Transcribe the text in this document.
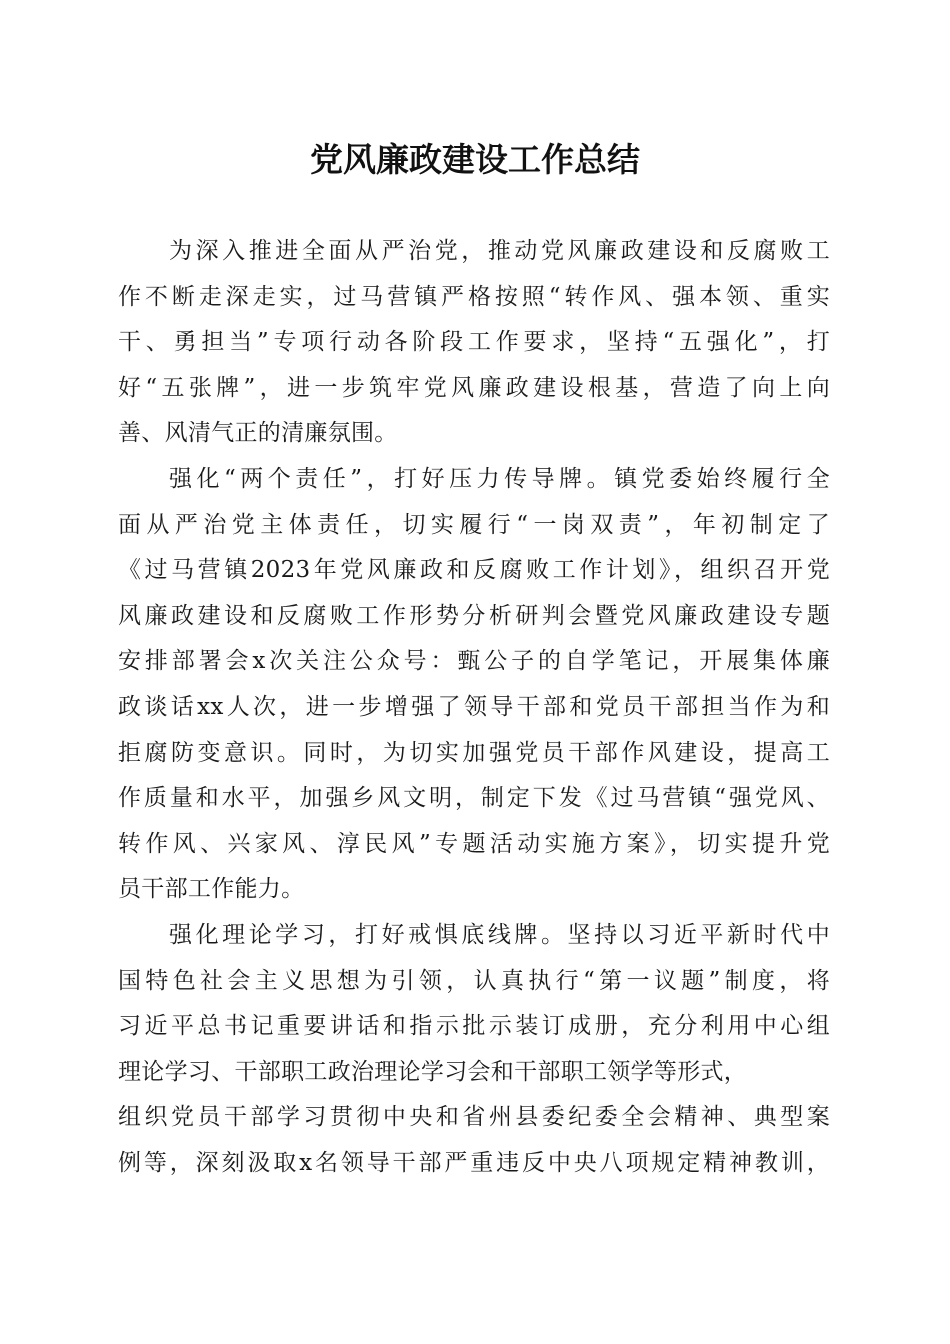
党风廉政建设工作总结
为深入推进全面从严治党，推动党风廉政建设和反腐败工
作不断走深走实，过马营镇严格按照“转作风、强本领、重实
干、勇担当”专项行动各阶段工作要求，坚持“五强化”，打
好“五张牌”，进一步筑牢党风廉政建设根基，营造了向上向
善、风清气正的清廉氛围。
强化“两个责任”，打好压力传导牌。镇党委始终履行全
面从严治党主体责任，切实履行“一岗双责”，年初制定了
《过马营镇2023年党风廉政和反腐败工作计划》，组织召开党
风廉政建设和反腐败工作形势分析研判会暨党风廉政建设专题
安排部署会x次关注公众号：甄公子的自学笔记，开展集体廉
政谈话xx人次，进一步增强了领导干部和党员干部担当作为和
拒腐防变意识。同时，为切实加强党员干部作风建设，提高工
作质量和水平，加强乡风文明，制定下发《过马营镇“强党风、
转作风、兴家风、淳民风”专题活动实施方案》，切实提升党
员干部工作能力。
强化理论学习，打好戒惧底线牌。坚持以习近平新时代中
国特色社会主义思想为引领，认真执行“第一议题”制度，将
习近平总书记重要讲话和指示批示装订成册，充分利用中心组
理论学习、干部职工政治理论学习会和干部职工领学等形式，
组织党员干部学习贯彻中央和省州县委纪委全会精神、典型案
例等，深刻汲取x名领导干部严重违反中央八项规定精神教训，
